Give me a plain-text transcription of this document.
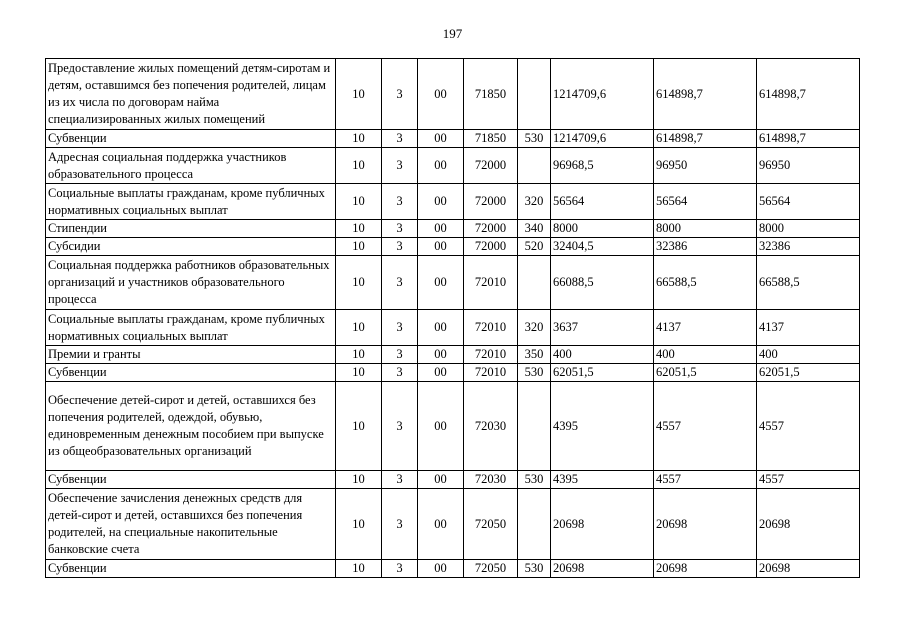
197
Предоставление жилых помещений детям-сиротам и детям, оставшимся без попечения родителей, лицам из их числа по договорам найма специализированных жилых помещений	10	3	00	71850		1214709,6	614898,7	614898,7
Субвенции	10	3	00	71850	530	1214709,6	614898,7	614898,7
Адресная социальная поддержка участников образовательного процесса	10	3	00	72000		96968,5	96950	96950
Социальные выплаты гражданам, кроме публичных нормативных социальных выплат	10	3	00	72000	320	56564	56564	56564
Стипендии	10	3	00	72000	340	8000	8000	8000
Субсидии	10	3	00	72000	520	32404,5	32386	32386
Социальная поддержка работников образовательных организаций и участников образовательного процесса	10	3	00	72010		66088,5	66588,5	66588,5
Социальные выплаты гражданам, кроме публичных нормативных социальных выплат	10	3	00	72010	320	3637	4137	4137
Премии и гранты	10	3	00	72010	350	400	400	400
Субвенции	10	3	00	72010	530	62051,5	62051,5	62051,5
Обеспечение детей-сирот и детей, оставшихся без попечения родителей, одеждой, обувью, единовременным денежным пособием при выпуске из общеобразовательных организаций	10	3	00	72030		4395	4557	4557
Субвенции	10	3	00	72030	530	4395	4557	4557
Обеспечение зачисления денежных средств для детей-сирот и детей, оставшихся без попечения родителей, на специальные накопительные банковские счета	10	3	00	72050		20698	20698	20698
Субвенции	10	3	00	72050	530	20698	20698	20698
